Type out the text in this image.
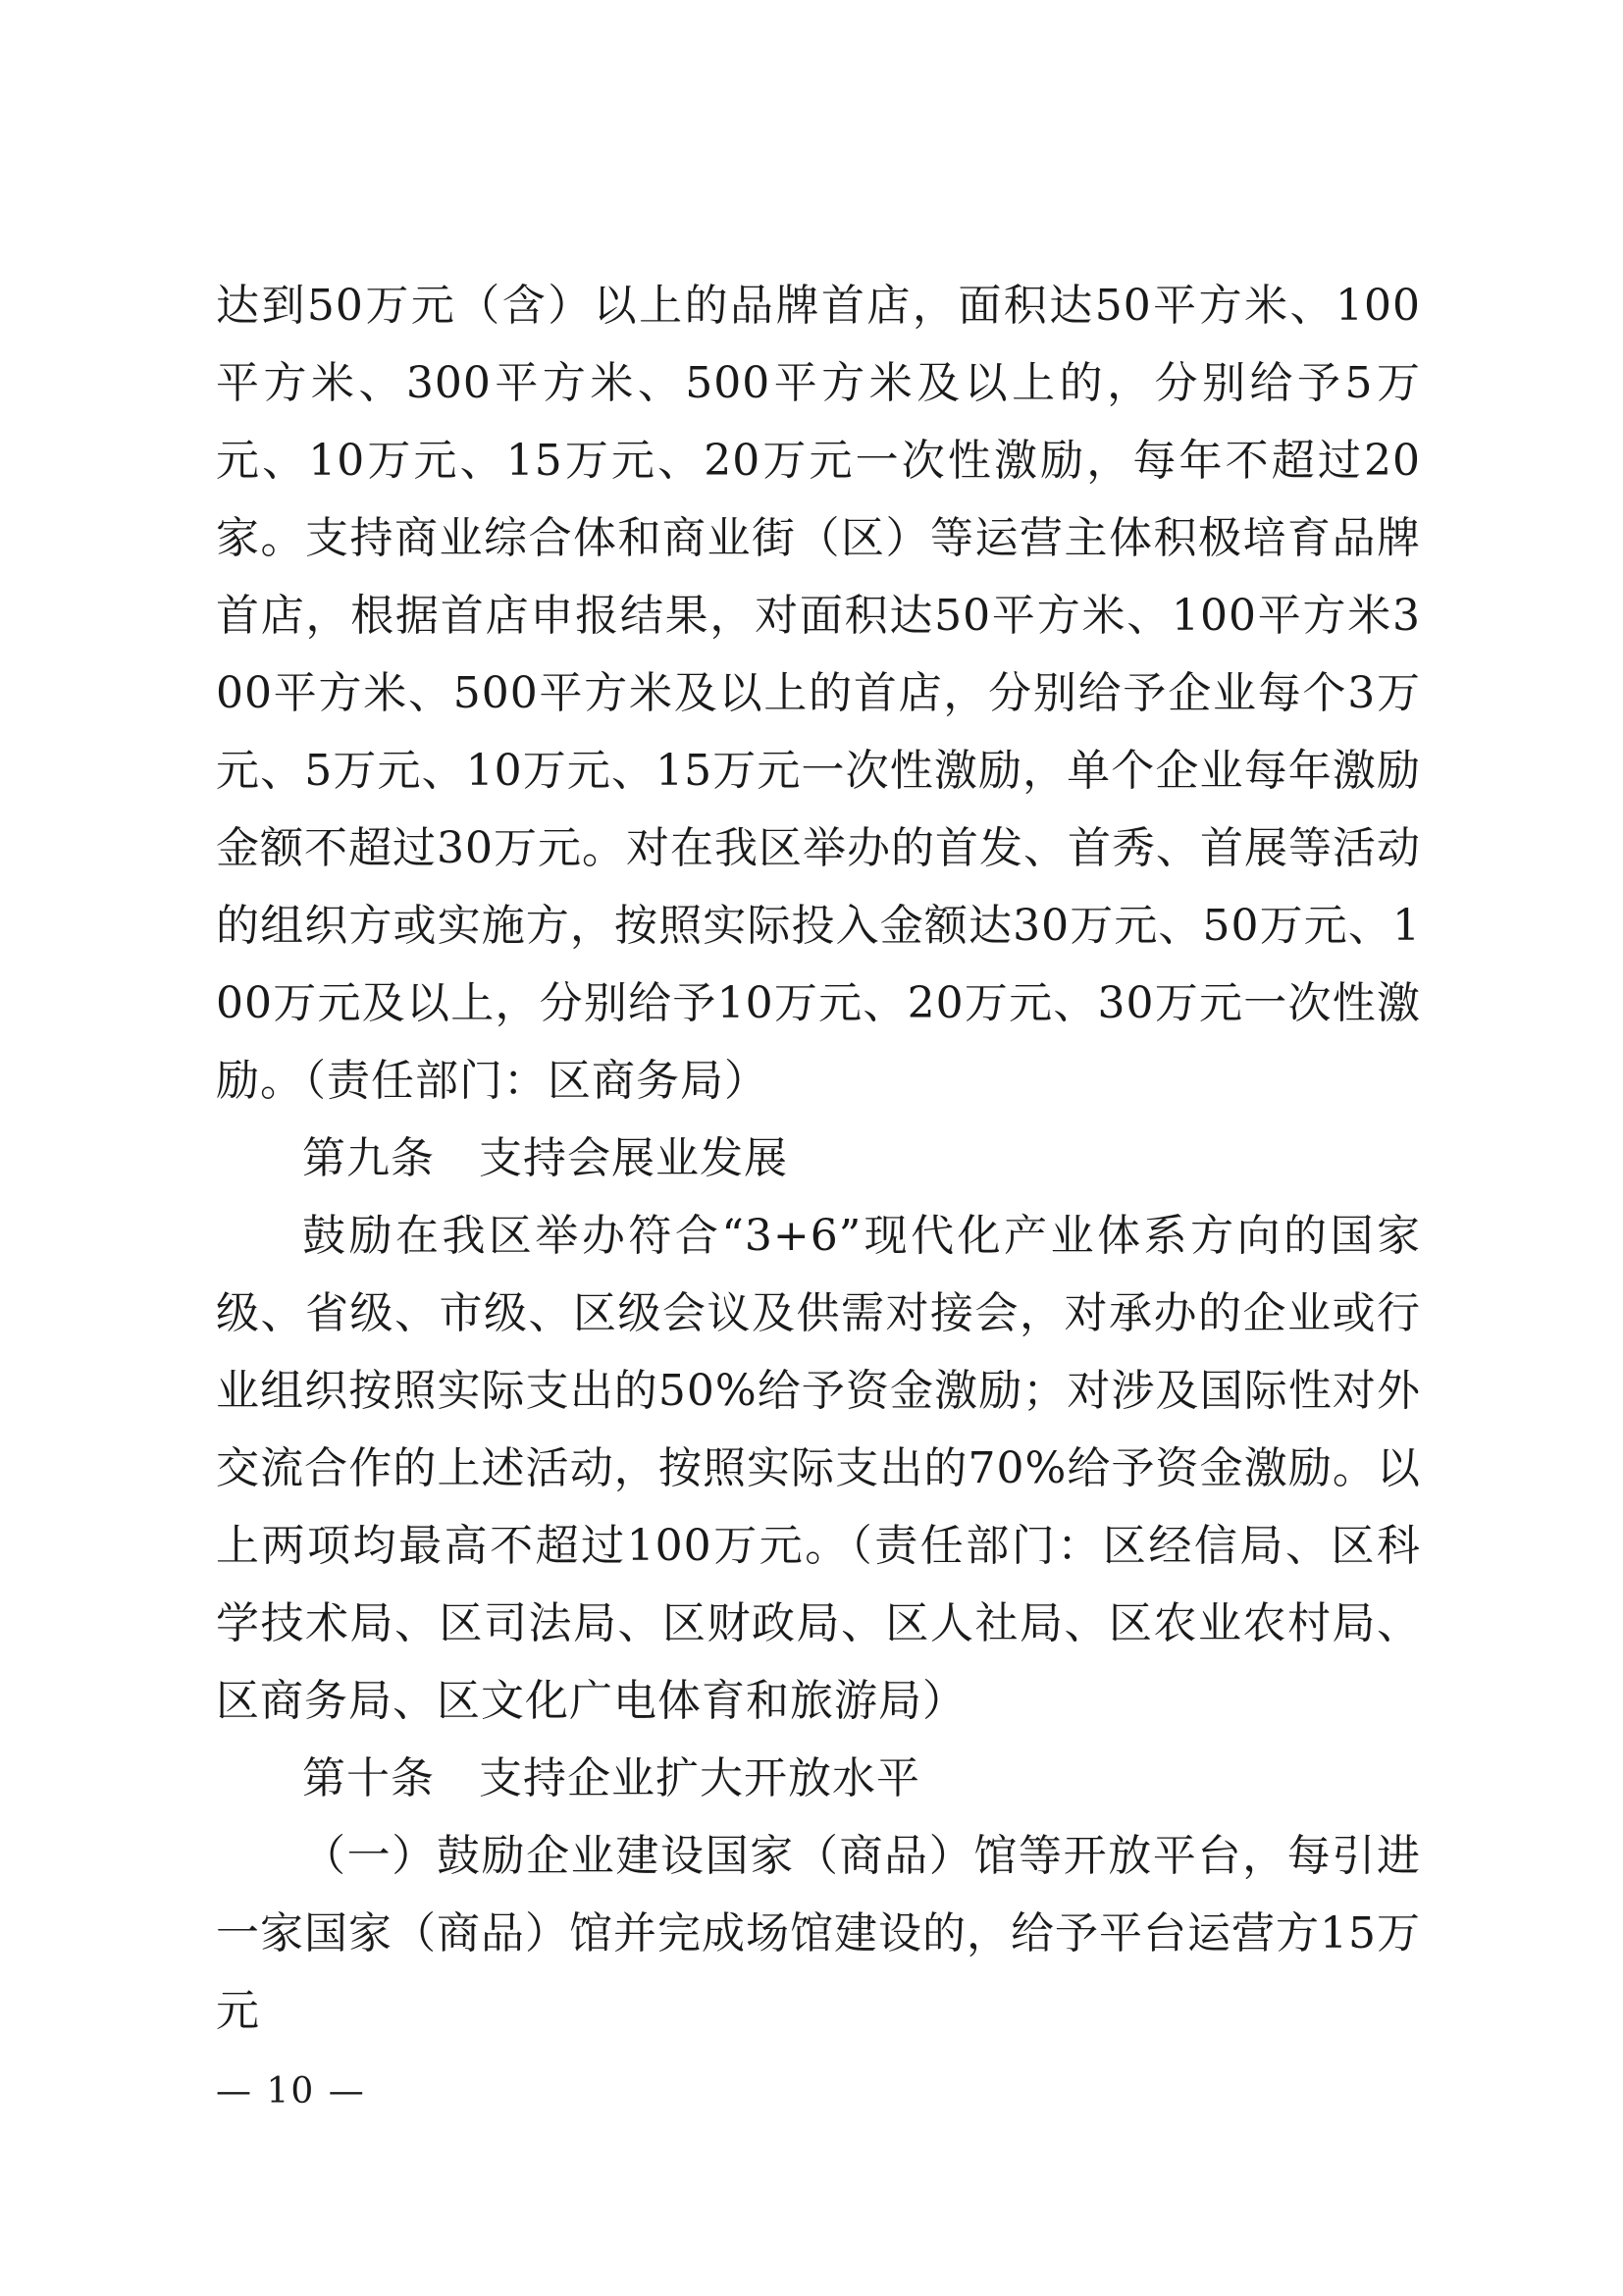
达到50万元（含）以上的品牌首店，面积达50平方米、100平方米、300平方米、500平方米及以上的，分别给予5万元、10万元、15万元、20万元一次性激励，每年不超过20家。支持商业综合体和商业街（区）等运营主体积极培育品牌首店，根据首店申报结果，对面积达50平方米、100平方米300平方米、500平方米及以上的首店，分别给予企业每个3万元、5万元、10万元、15万元一次性激励，单个企业每年激励金额不超过30万元。对在我区举办的首发、首秀、首展等活动的组织方或实施方，按照实际投入金额达30万元、50万元、100万元及以上，分别给予10万元、20万元、30万元一次性激励。（责任部门：区商务局）

第九条　支持会展业发展

鼓励在我区举办符合“3+6”现代化产业体系方向的国家级、省级、市级、区级会议及供需对接会，对承办的企业或行业组织按照实际支出的50%给予资金激励；对涉及国际性对外交流合作的上述活动，按照实际支出的70%给予资金激励。以上两项均最高不超过100万元。（责任部门：区经信局、区科学技术局、区司法局、区财政局、区人社局、区农业农村局、区商务局、区文化广电体育和旅游局）

第十条　支持企业扩大开放水平

（一）鼓励企业建设国家（商品）馆等开放平台，每引进一家国家（商品）馆并完成场馆建设的，给予平台运营方15万元

— 10 —
